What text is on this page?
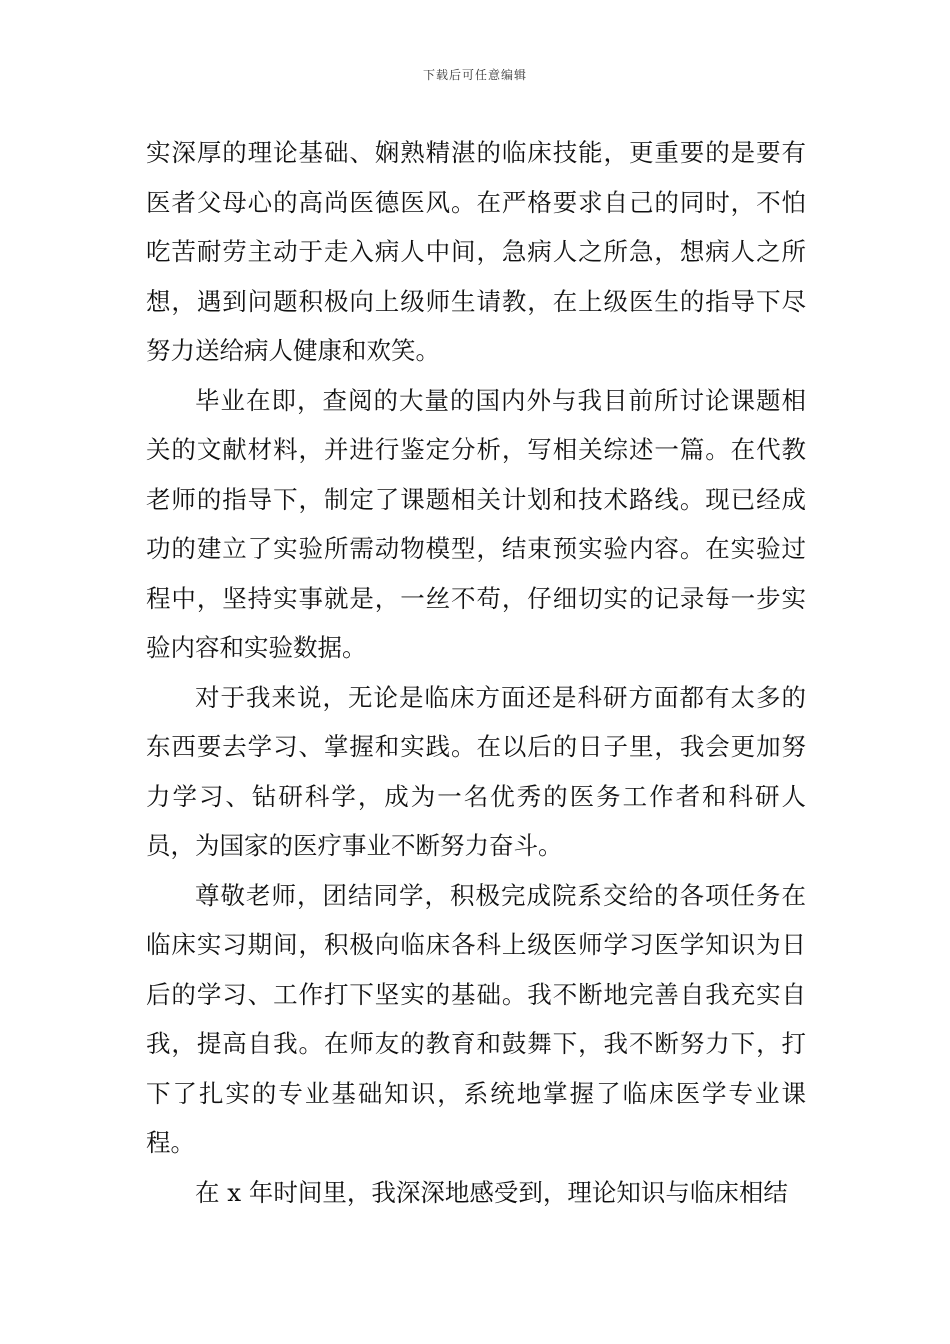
下载后可任意编辑

实深厚的理论基础、娴熟精湛的临床技能，更重要的是要有医者父母心的高尚医德医风。在严格要求自己的同时，不怕吃苦耐劳主动于走入病人中间，急病人之所急，想病人之所想，遇到问题积极向上级师生请教，在上级医生的指导下尽努力送给病人健康和欢笑。

毕业在即，查阅的大量的国内外与我目前所讨论课题相关的文献材料，并进行鉴定分析，写相关综述一篇。在代教老师的指导下，制定了课题相关计划和技术路线。现已经成功的建立了实验所需动物模型，结束预实验内容。在实验过程中，坚持实事就是，一丝不苟，仔细切实的记录每一步实验内容和实验数据。

对于我来说，无论是临床方面还是科研方面都有太多的东西要去学习、掌握和实践。在以后的日子里，我会更加努力学习、钻研科学，成为一名优秀的医务工作者和科研人员，为国家的医疗事业不断努力奋斗。

尊敬老师，团结同学，积极完成院系交给的各项任务在临床实习期间，积极向临床各科上级医师学习医学知识为日后的学习、工作打下坚实的基础。我不断地完善自我充实自我，提高自我。在师友的教育和鼓舞下，我不断努力下，打下了扎实的专业基础知识，系统地掌握了临床医学专业课程。

在 x 年时间里，我深深地感受到，理论知识与临床相结
